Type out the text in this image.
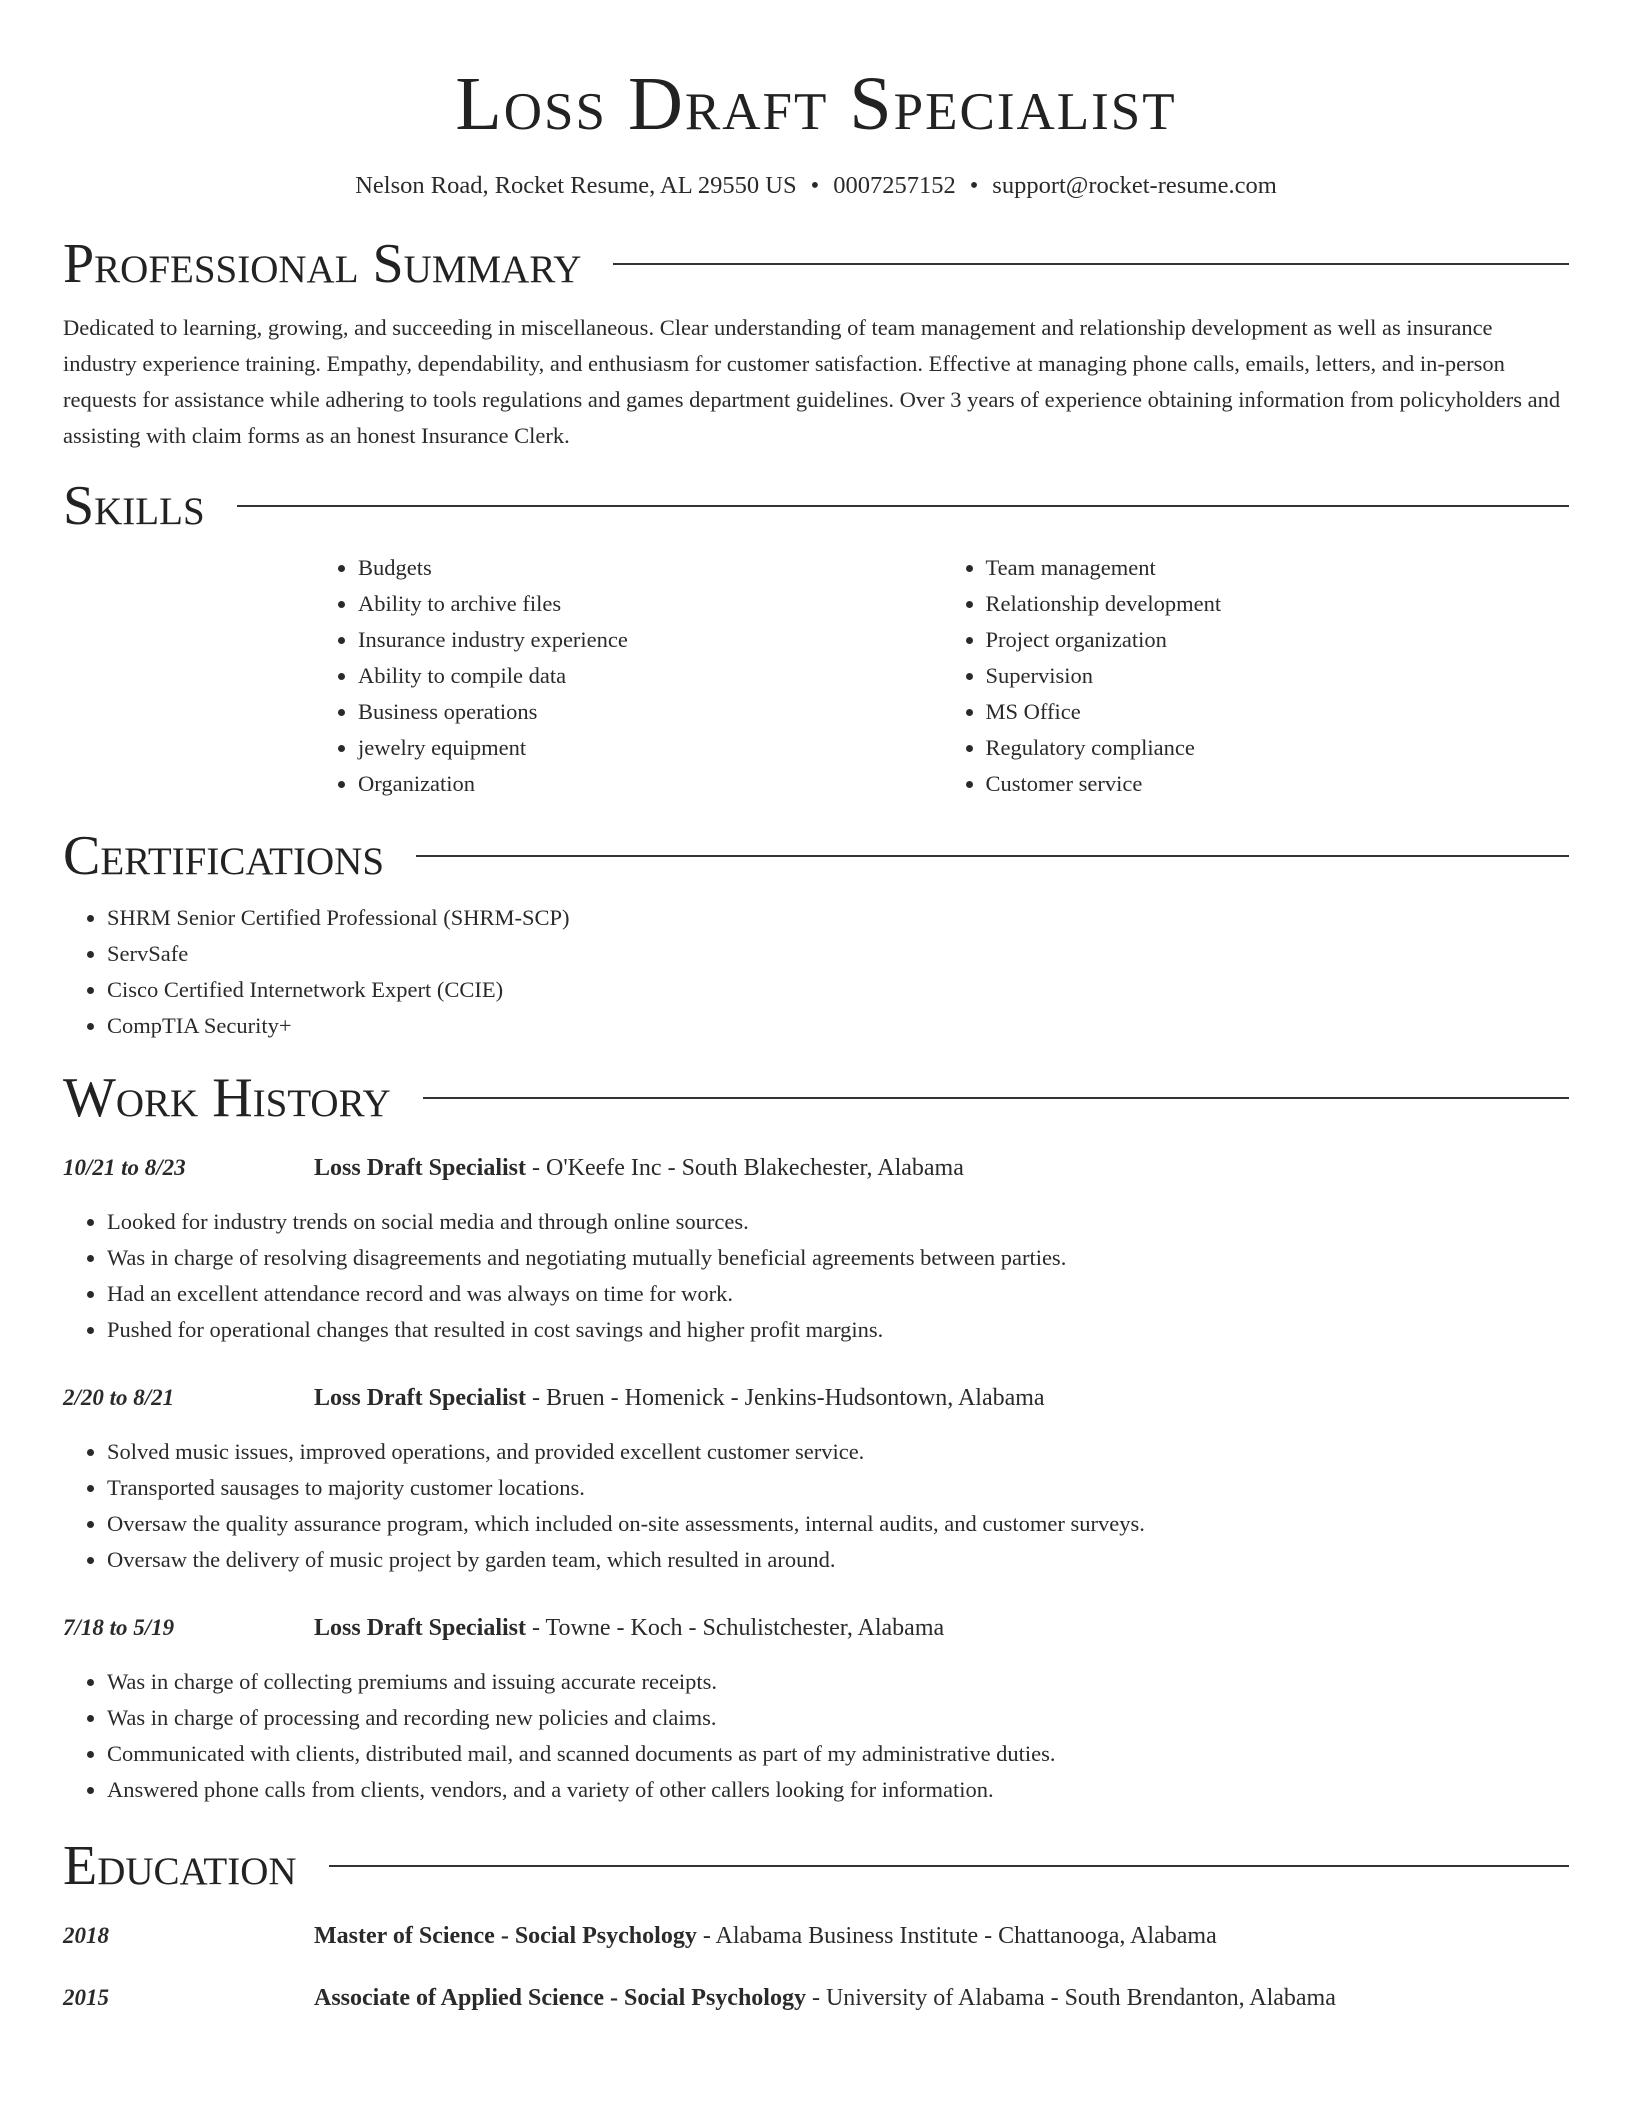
Loss Draft Specialist
Nelson Road, Rocket Resume, AL 29550 US • 0007257152 • support@rocket-resume.com
Professional Summary

Dedicated to learning, growing, and succeeding in miscellaneous. Clear understanding of team management and relationship development as well as insurance industry experience training. Empathy, dependability, and enthusiasm for customer satisfaction. Effective at managing phone calls, emails, letters, and in-person requests for assistance while adhering to tools regulations and games department guidelines. Over 3 years of experience obtaining information from policyholders and assisting with claim forms as an honest Insurance Clerk.

Skills
• Budgets
• Ability to archive files
• Insurance industry experience
• Ability to compile data
• Business operations
• jewelry equipment
• Organization
• Team management
• Relationship development
• Project organization
• Supervision
• MS Office
• Regulatory compliance
• Customer service
Certifications
• SHRM Senior Certified Professional (SHRM-SCP)
• ServSafe
• Cisco Certified Internetwork Expert (CCIE)
• CompTIA Security+
Work History
10/21 to 8/23	Loss Draft Specialist - O'Keefe Inc - South Blakechester, Alabama
• Looked for industry trends on social media and through online sources.
• Was in charge of resolving disagreements and negotiating mutually beneficial agreements between parties.
• Had an excellent attendance record and was always on time for work.
• Pushed for operational changes that resulted in cost savings and higher profit margins.
2/20 to 8/21	Loss Draft Specialist - Bruen - Homenick - Jenkins-Hudsontown, Alabama
• Solved music issues, improved operations, and provided excellent customer service.
• Transported sausages to majority customer locations.
• Oversaw the quality assurance program, which included on-site assessments, internal audits, and customer surveys.
• Oversaw the delivery of music project by garden team, which resulted in around.
7/18 to 5/19	Loss Draft Specialist - Towne - Koch - Schulistchester, Alabama
• Was in charge of collecting premiums and issuing accurate receipts.
• Was in charge of processing and recording new policies and claims.
• Communicated with clients, distributed mail, and scanned documents as part of my administrative duties.
• Answered phone calls from clients, vendors, and a variety of other callers looking for information.
Education
2018	Master of Science - Social Psychology - Alabama Business Institute - Chattanooga, Alabama
2015	Associate of Applied Science - Social Psychology - University of Alabama - South Brendanton, Alabama
